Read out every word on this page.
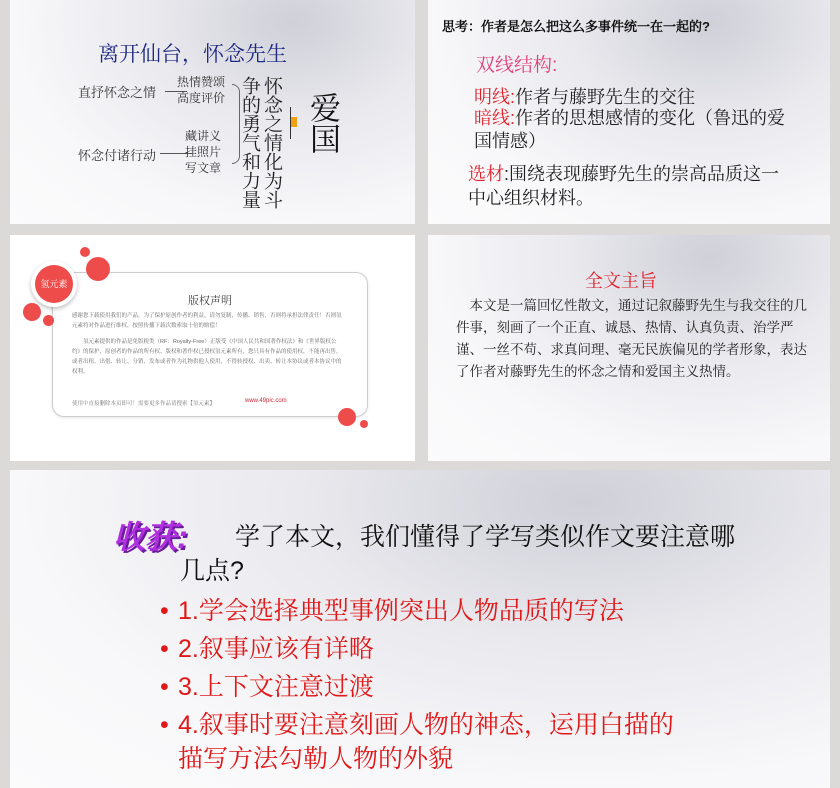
离开仙台，怀念先生
直抒怀念之情
热情赞颂
高度评价
怀念付诸行动
藏讲义
挂照片
写文章 争的勇气和力量 怀念之情化为斗 爱国
思考：作者是怎么把这么多事件统一在一起的?
双线结构:
明线:作者与藤野先生的交往
暗线:作者的思想感情的变化（鲁迅的爱国情感）
选材:围绕表现藤野先生的崇高品质这一中心组织材料。
氢元素
版权声明

感谢您下载使用我们的产品，为了保护原创作者的利益，请勿复制、传播、销售，否则将承担法律责任！否则氢元素将对作品进行维权，按照传播下载次数索取十倍的赔偿！

氢元素提供的作品是免版税类（RF：Royalty-Free）正版受《中国人民共和国著作权法》和《世界版权公约》的保护，原创者的作品的所有权、版权和著作权已授权氢元素所有，您只具有作品的使用权，不能再出售，或者出租、出借、转让、分销、发布或者作为礼物供他人使用，不得转授权、出卖、转让本协议或者本协议中的权利。

使用中直接删除本页即可！需要更多作品请搜索【氢元素】	www.49pic.com
全文主旨
本文是一篇回忆性散文，通过记叙藤野先生与我交往的几件事，刻画了一个正直、诚恳、热情、认真负责、治学严谨、一丝不苟、求真问理、毫无民族偏见的学者形象，表达了作者对藤野先生的怀念之情和爱国主义热情。
收获:	学了本文，我们懂得了学写类似作文要注意哪几点?
• 1.学会选择典型事例突出人物品质的写法
• 2.叙事应该有详略
• 3.上下文注意过渡
• 4.叙事时要注意刻画人物的神态，运用白描的描写方法勾勒人物的外貌
